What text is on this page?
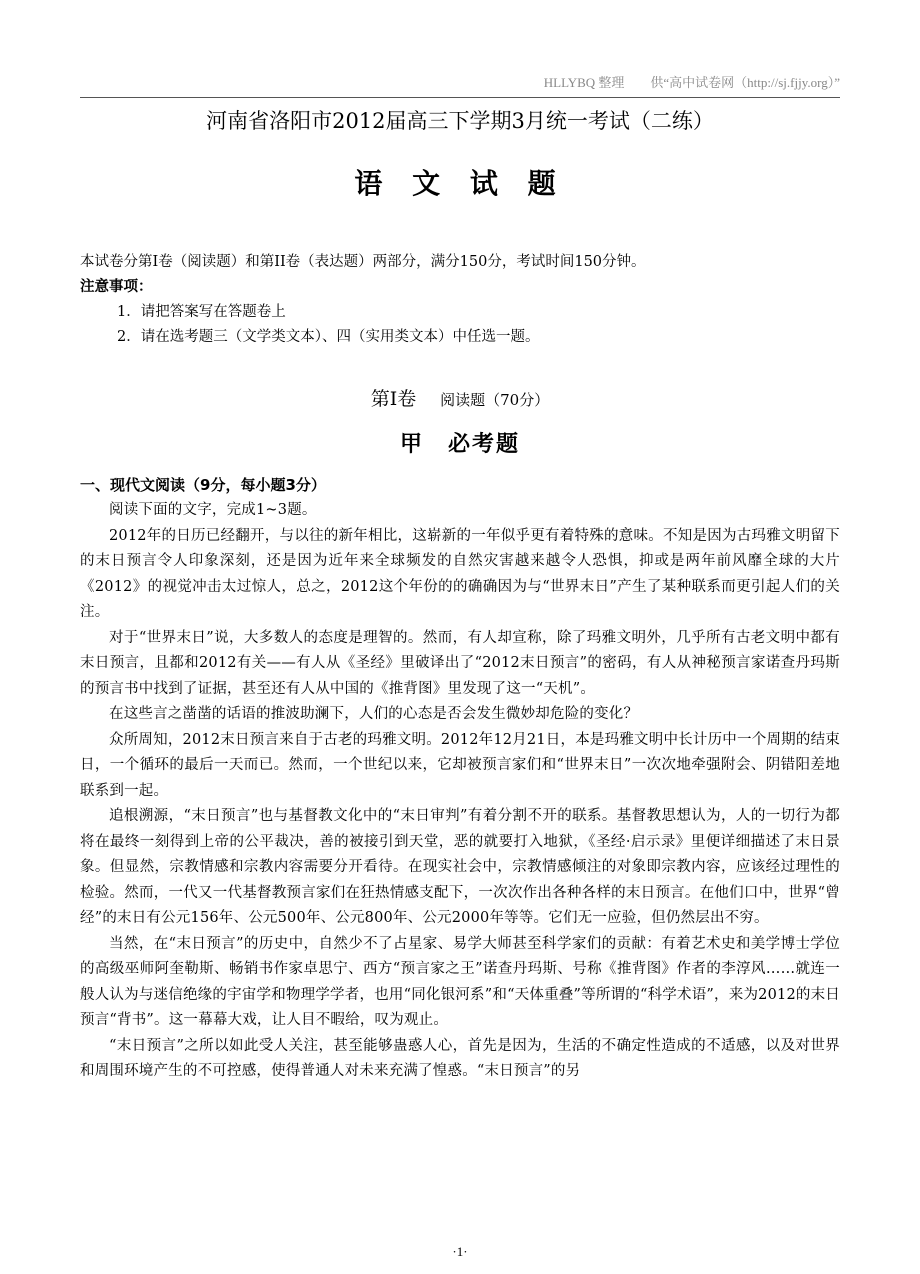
HLLYBQ 整理　　供“高中试卷网（http://sj.fjjy.org）”
河南省洛阳市2012届高三下学期3月统一考试（二练）
语 文 试 题
本试卷分第I卷（阅读题）和第II卷（表达题）两部分，满分150分，考试时间150分钟。
注意事项：
1．请把答案写在答题卷上
2．请在选考题三（文学类文本）、四（实用类文本）中任选一题。
第Ⅰ卷 阅读题（70分）
甲　必考题
一、现代文阅读（9分，每小题3分）

阅读下面的文字，完成1~3题。

2012年的日历已经翻开，与以往的新年相比，这崭新的一年似乎更有着特殊的意味。不知是因为古玛雅文明留下的末日预言令人印象深刻，还是因为近年来全球频发的自然灾害越来越令人恐惧，抑或是两年前风靡全球的大片《2012》的视觉冲击太过惊人，总之，2012这个年份的的确确因为与“世界末日”产生了某种联系而更引起人们的关注。

对于“世界末日”说，大多数人的态度是理智的。然而，有人却宣称，除了玛雅文明外，几乎所有古老文明中都有末日预言，且都和2012有关——有人从《圣经》里破译出了“2012末日预言”的密码，有人从神秘预言家诺查丹玛斯的预言书中找到了证据，甚至还有人从中国的《推背图》里发现了这一“天机”。

在这些言之凿凿的话语的推波助澜下，人们的心态是否会发生微妙却危险的变化？

众所周知，2012末日预言来自于古老的玛雅文明。2012年12月21日，本是玛雅文明中长计历中一个周期的结束日，一个循环的最后一天而已。然而，一个世纪以来，它却被预言家们和“世界末日”一次次地牵强附会、阴错阳差地联系到一起。

追根溯源，“末日预言”也与基督教文化中的“末日审判”有着分割不开的联系。基督教思想认为，人的一切行为都将在最终一刻得到上帝的公平裁决，善的被接引到天堂，恶的就要打入地狱，《圣经·启示录》里便详细描述了末日景象。但显然，宗教情感和宗教内容需要分开看待。在现实社会中，宗教情感倾注的对象即宗教内容，应该经过理性的检验。然而，一代又一代基督教预言家们在狂热情感支配下，一次次作出各种各样的末日预言。在他们口中，世界“曾经”的末日有公元156年、公元500年、公元800年、公元2000年等等。它们无一应验，但仍然层出不穷。

当然，在“末日预言”的历史中，自然少不了占星家、易学大师甚至科学家们的贡献：有着艺术史和美学博士学位的高级巫师阿奎勒斯、畅销书作家卓思宁、西方“预言家之王”诺查丹玛斯、号称《推背图》作者的李淳风……就连一般人认为与迷信绝缘的宇宙学和物理学学者，也用“同化银河系”和“天体重叠”等所谓的“科学术语”，来为2012的末日预言“背书”。这一幕幕大戏，让人目不暇给，叹为观止。

“末日预言”之所以如此受人关注，甚至能够蛊惑人心，首先是因为，生活的不确定性造成的不适感，以及对世界和周围环境产生的不可控感，使得普通人对未来充满了惶惑。“末日预言”的另

·1·
